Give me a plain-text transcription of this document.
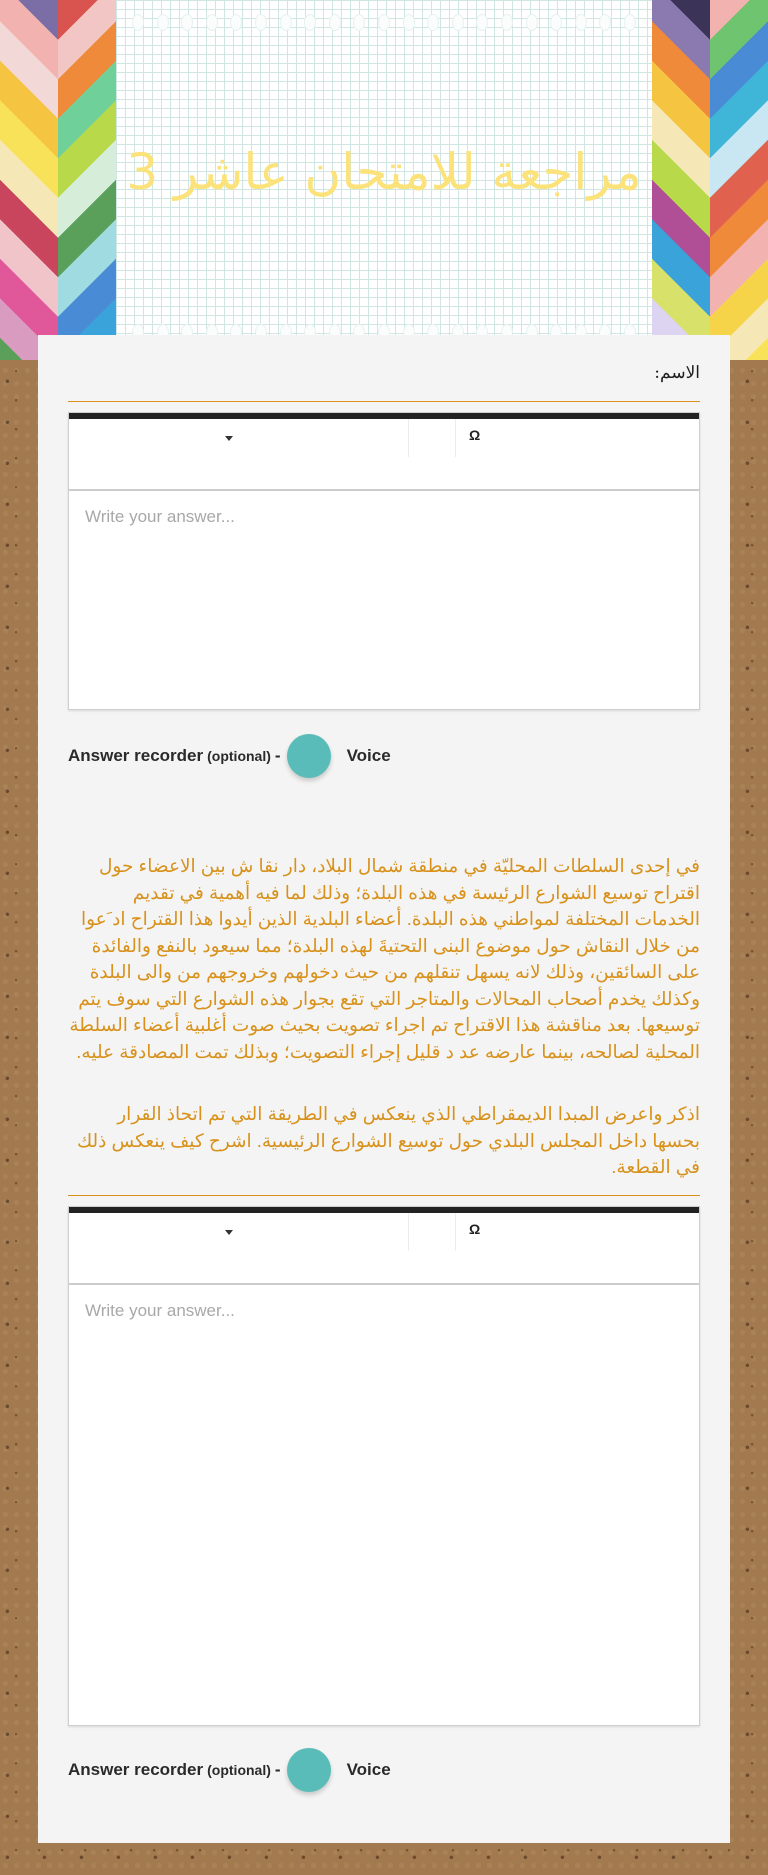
مراجعة للامتحان عاشر 3
الاسم:
Ω
Write your answer...
Answer recorder (optional) -	Voice
في إحدى السلطات المحليّة في منطقة شمال البلاد، دار نقا ش بين الاعضاء حول اقتراح توسيع الشوارع الرئيسة في هذه البلدة؛ وذلك لما فيه أهمية في تقديم الخدمات المختلفة لمواطني هذه البلدة. أعضاء البلدية الذين أيدوا هذا القتراح اد َعوا من خلال النقاش حول موضوع البنى التحتيةَ لهذه البلدة؛ مما سيعود بالنفع والفائدة على السائقين، وذلك لانه يسهل تنقلهم من حيث دخولهم وخروجهم من والى البلدة وكذلك يخدم أصحاب المحالات والمتاجر التي تقع بجوار هذه الشوارع التي سوف يتم توسيعها. بعد مناقشة هذا الاقتراح تم اجراء تصويت بحيث صوت أغلبية أعضاء السلطة المحلية لصالحه، بينما عارضه عد د قليل إجراء التصويت؛ وبذلك تمت المصادقة عليه.
اذكر واعرض المبدا الديمقراطي الذي ينعكس في الطريقة التي تم اتحاذ القرار بحسها داخل المجلس البلدي حول توسيع الشوارع الرئيسية. اشرح كيف ينعكس ذلك في القطعة.
Ω
Write your answer...
Answer recorder (optional) -	Voice
